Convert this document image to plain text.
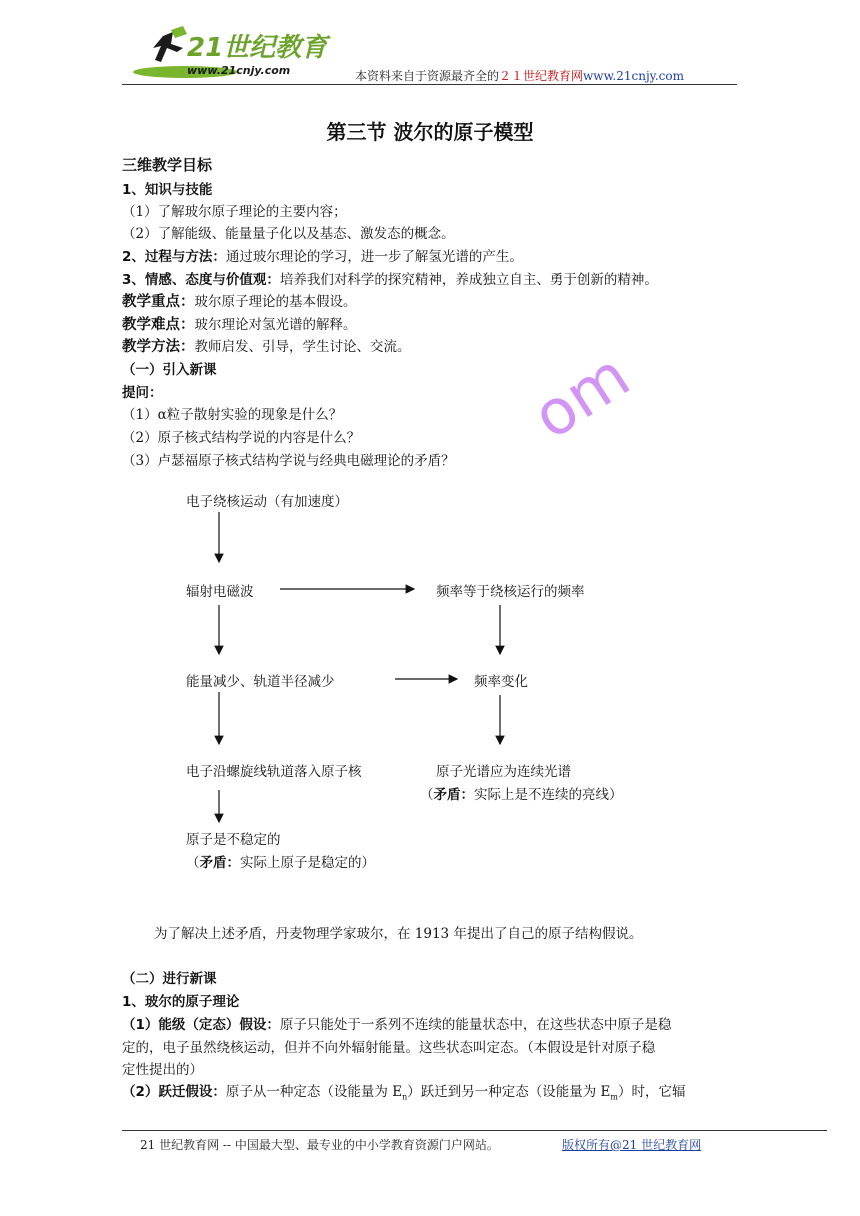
21世纪教育
www.21cnjy.com	本资料来自于资源最齐全的２１世纪教育网www.21cnjy.com
第三节 波尔的原子模型
三维教学目标
1、知识与技能
（1）了解玻尔原子理论的主要内容；
（2）了解能级、能量量子化以及基态、激发态的概念。
2、过程与方法：通过玻尔理论的学习，进一步了解氢光谱的产生。
3、情感、态度与价值观：培养我们对科学的探究精神，养成独立自主、勇于创新的精神。
教学重点：玻尔原子理论的基本假设。
教学难点：玻尔理论对氢光谱的解释。
教学方法：教师启发、引导，学生讨论、交流。
（一）引入新课
提问：
（1）α粒子散射实验的现象是什么？
（2）原子核式结构学说的内容是什么？
（3）卢瑟福原子核式结构学说与经典电磁理论的矛盾？
om
电子绕核运动（有加速度）
辐射电磁波	频率等于绕核运行的频率
能量减少、轨道半径减少	频率变化
电子沿螺旋线轨道落入原子核	原子光谱应为连续光谱
（矛盾：实际上是不连续的亮线）
原子是不稳定的
（矛盾：实际上原子是稳定的）
为了解决上述矛盾，丹麦物理学家玻尔，在 1913 年提出了自己的原子结构假说。
（二）进行新课
1、玻尔的原子理论
（1）能级（定态）假设：原子只能处于一系列不连续的能量状态中，在这些状态中原子是稳
定的，电子虽然绕核运动，但并不向外辐射能量。这些状态叫定态。（本假设是针对原子稳
定性提出的）
（2）跃迁假设：原子从一种定态（设能量为 $E_n$）跃迁到另一种定态（设能量为 $E_m$）时，它辐
21 世纪教育网 -- 中国最大型、最专业的中小学教育资源门户网站。	版权所有@21 世纪教育网
